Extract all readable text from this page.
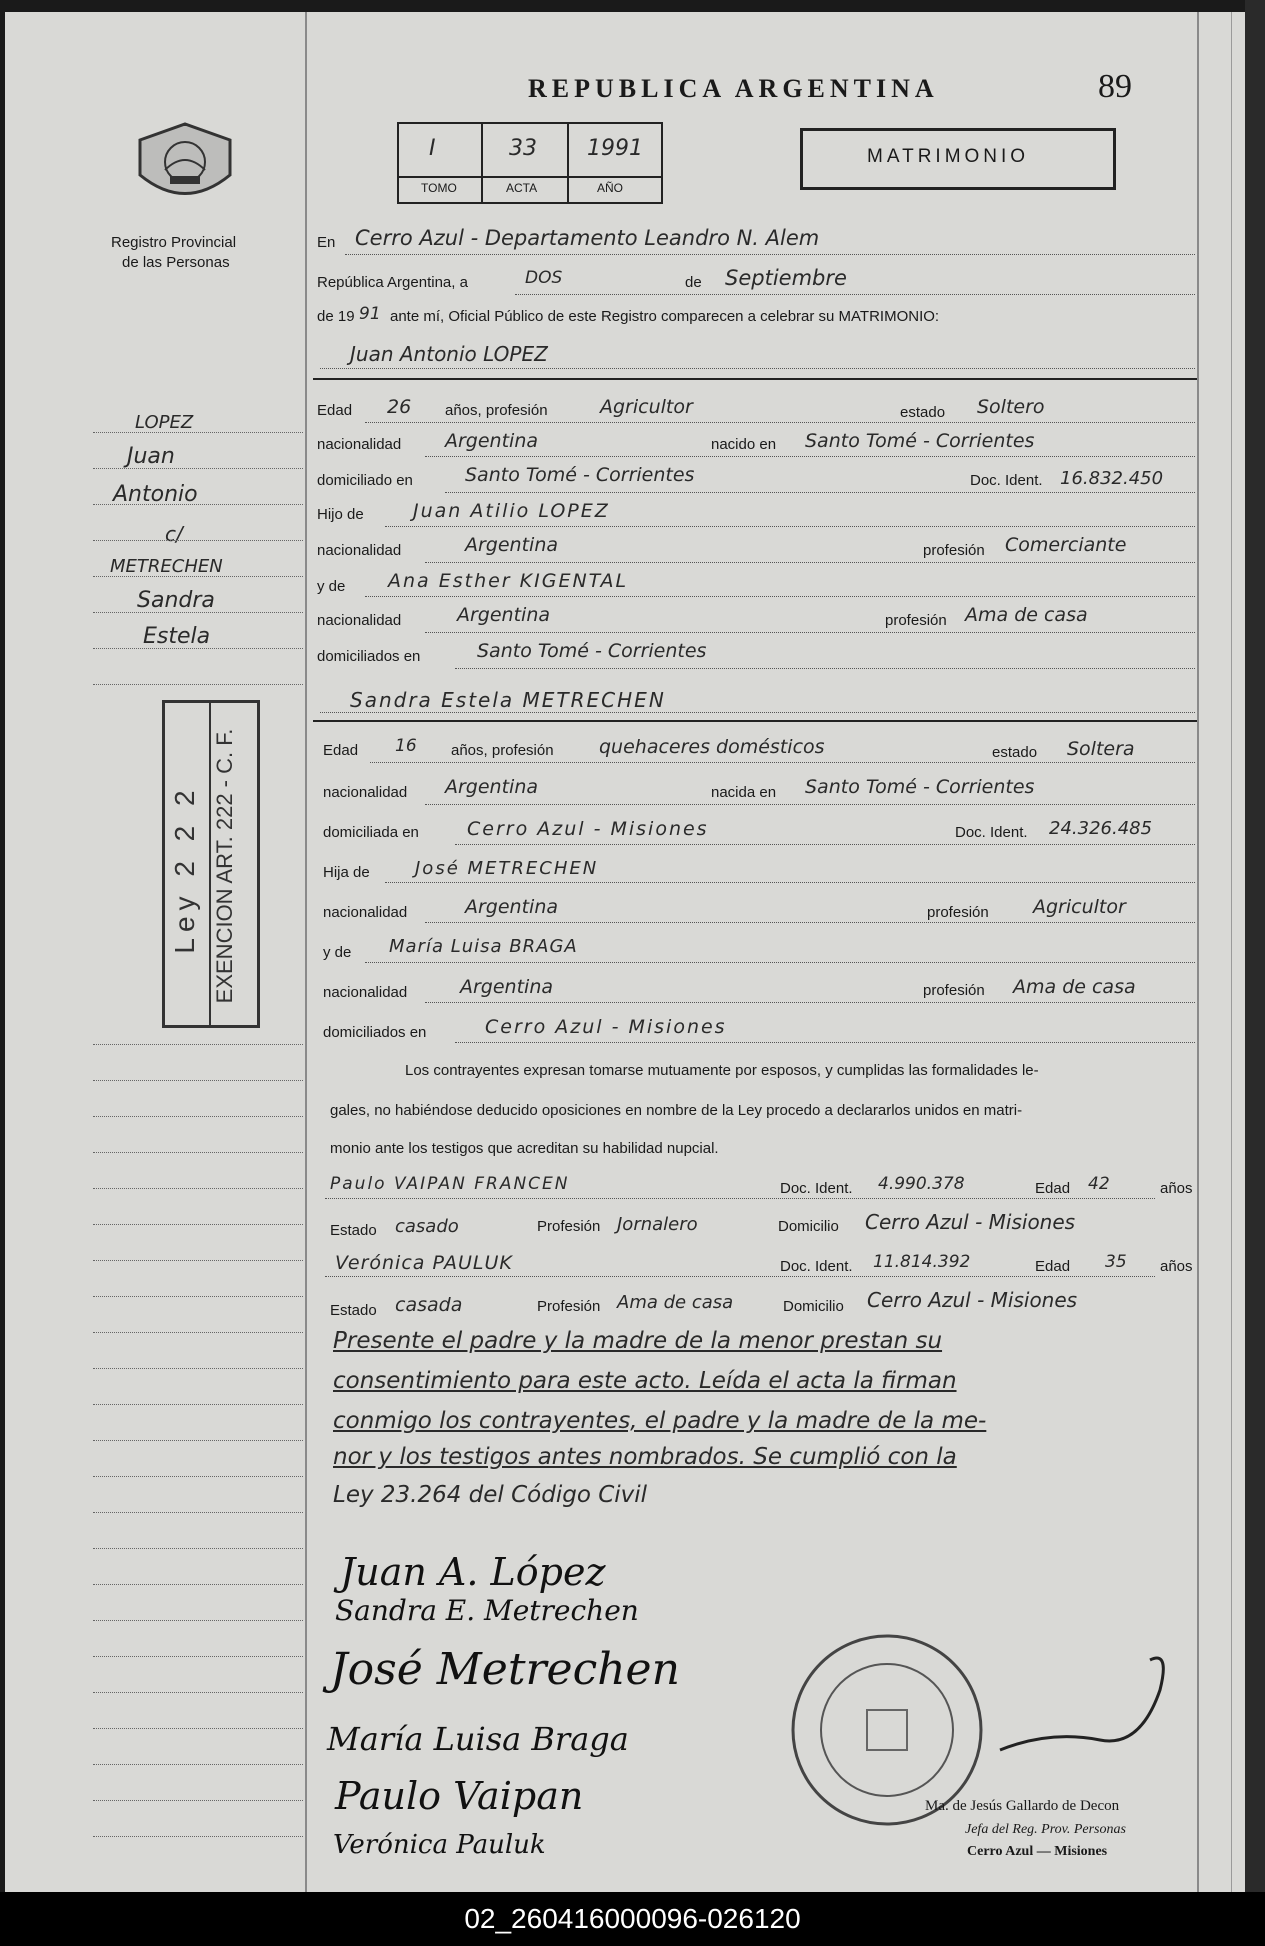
Registro Provincial
de las Personas
REPUBLICA ARGENTINA	89
I	33 1991
TOMO	ACTA	AÑO
MATRIMONIO
En Cerro Azul - Departamento Leandro N. Alem
República Argentina, a	DOS	de Septiembre
de 19 91 ante mí, Oficial Público de este Registro comparecen a celebrar su MATRIMONIO:
Juan Antonio LOPEZ
LOPEZ
Juan
Antonio
c/
METRECHEN
Sandra
Estela
Ley 2 2 2 EXENCION ART. 222 - C. F.
Edad 26 años, profesión	Agricultor	estado Soltero
nacionalidad Argentina	nacido en Santo Tomé - Corrientes
domiciliado en	Santo Tomé - Corrientes	Doc. Ident. 16.832.450
Hijo de	Juan Atilio LOPEZ
nacionalidad	Argentina	profesión Comerciante
y de Ana Esther KIGENTAL
nacionalidad	Argentina	profesión Ama de casa
domiciliados en	Santo Tomé - Corrientes
Sandra Estela METRECHEN
Edad 16 años, profesión quehaceres domésticos	estado Soltera
nacionalidad Argentina	nacida en Santo Tomé - Corrientes
domiciliada en	Cerro Azul - Misiones	Doc. Ident. 24.326.485
Hija de	José METRECHEN
nacionalidad	Argentina	profesión Agricultor
y de María Luisa BRAGA
nacionalidad	Argentina	profesión Ama de casa
domiciliados en	Cerro Azul - Misiones
Los contrayentes expresan tomarse mutuamente por esposos, y cumplidas las formalidades le-
gales, no habiéndose deducido oposiciones en nombre de la Ley procedo a declararlos unidos en matri-
monio ante los testigos que acreditan su habilidad nupcial.
Paulo VAIPAN FRANCEN	Doc. Ident. 4.990.378	Edad 42	años
Estado casado	Profesión Jornalero	Domicilio Cerro Azul - Misiones
Verónica PAULUK	Doc. Ident. 11.814.392	Edad 35 años
Estado casada	Profesión Ama de casa	Domicilio Cerro Azul - Misiones
Presente el padre y la madre de la menor prestan su
consentimiento para este acto. Leída el acta la firman
conmigo los contrayentes, el padre y la madre de la me-
nor y los testigos antes nombrados. Se cumplió con la
Ley 23.264 del Código Civil
Juan A. López
Sandra E. Metrechen
José Metrechen
María Luisa Braga
Paulo Vaipan
Verónica Pauluk
Ma. de Jesús Gallardo de Decon
Jefa del Reg. Prov. Personas
Cerro Azul — Misiones
02_260416000096-026120
